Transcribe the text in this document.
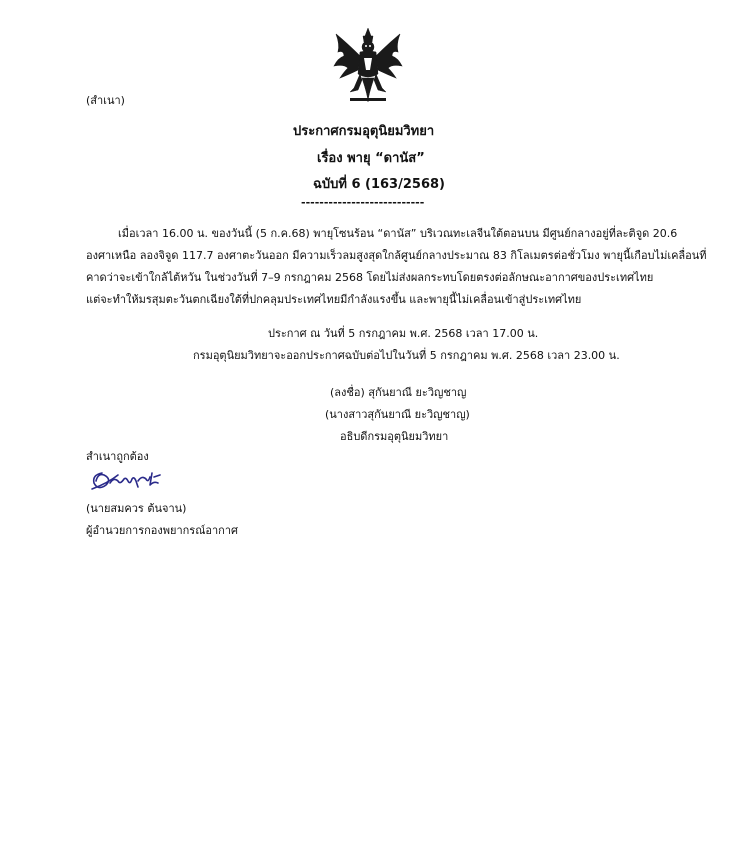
(สำเนา)
ประกาศกรมอุตุนิยมวิทยา
เรื่อง พายุ “ดานัส”
ฉบับที่ 6 (163/2568)
---------------------------
เมื่อเวลา 16.00 น. ของวันนี้ (5 ก.ค.68) พายุโซนร้อน “ดานัส” บริเวณทะเลจีนใต้ตอนบน มีศูนย์กลางอยู่ที่ละติจูด 20.6
องศาเหนือ ลองจิจูด 117.7 องศาตะวันออก มีความเร็วลมสูงสุดใกล้ศูนย์กลางประมาณ 83 กิโลเมตรต่อชั่วโมง พายุนี้เกือบไม่เคลื่อนที่
คาดว่าจะเข้าใกล้ไต้หวัน ในช่วงวันที่ 7–9 กรกฎาคม 2568 โดยไม่ส่งผลกระทบโดยตรงต่อลักษณะอากาศของประเทศไทย
แต่จะทำให้มรสุมตะวันตกเฉียงใต้ที่ปกคลุมประเทศไทยมีกำลังแรงขึ้น และพายุนี้ไม่เคลื่อนเข้าสู่ประเทศไทย
ประกาศ ณ วันที่ 5 กรกฎาคม พ.ศ. 2568 เวลา 17.00 น.
กรมอุตุนิยมวิทยาจะออกประกาศฉบับต่อไปในวันที่ 5 กรกฎาคม พ.ศ. 2568 เวลา 23.00 น.
(ลงชื่อ) สุกันยาณี ยะวิญชาญ
(นางสาวสุกันยาณี ยะวิญชาญ)
อธิบดีกรมอุตุนิยมวิทยา
สำเนาถูกต้อง
(นายสมควร ต้นจาน)
ผู้อำนวยการกองพยากรณ์อากาศ
